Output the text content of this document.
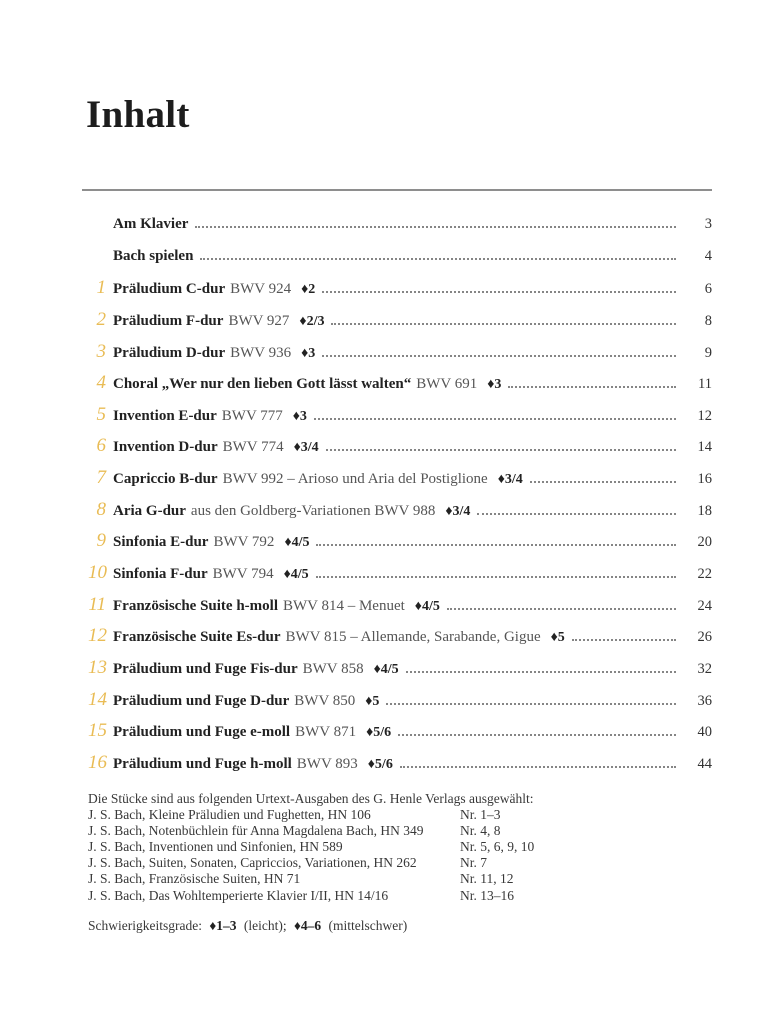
Inhalt
Am Klavier	3
Bach spielen	4
1 Präludium C-dur BWV 924 ♦2	6
2 Präludium F-dur BWV 927 ♦2/3	8
3 Präludium D-dur BWV 936 ♦3	9
4 Choral „Wer nur den lieben Gott lässt walten“ BWV 691 ♦3	11
5 Invention E-dur BWV 777 ♦3	12
6 Invention D-dur BWV 774 ♦3/4	14
7 Capriccio B-dur BWV 992 – Arioso und Aria del Postiglione ♦3/4	16
8 Aria G-dur aus den Goldberg-Variationen BWV 988 ♦3/4	18
9 Sinfonia E-dur BWV 792 ♦4/5	20
10 Sinfonia F-dur BWV 794 ♦4/5	22
11 Französische Suite h-moll BWV 814 – Menuet ♦4/5	24
12 Französische Suite Es-dur BWV 815 – Allemande, Sarabande, Gigue ♦5	26
13 Präludium und Fuge Fis-dur BWV 858 ♦4/5	32
14 Präludium und Fuge D-dur BWV 850 ♦5	36
15 Präludium und Fuge e-moll BWV 871 ♦5/6	40
16 Präludium und Fuge h-moll BWV 893 ♦5/6	44
Die Stücke sind aus folgenden Urtext-Ausgaben des G. Henle Verlags ausgewählt:
J. S. Bach, Kleine Präludien und Fughetten, HN 106	Nr. 1–3
J. S. Bach, Notenbüchlein für Anna Magdalena Bach, HN 349	Nr. 4, 8
J. S. Bach, Inventionen und Sinfonien, HN 589	Nr. 5, 6, 9, 10
J. S. Bach, Suiten, Sonaten, Capriccios, Variationen, HN 262	Nr. 7
J. S. Bach, Französische Suiten, HN 71	Nr. 11, 12
J. S. Bach, Das Wohltemperierte Klavier I/II, HN 14/16	Nr. 13–16
Schwierigkeitsgrade: ♦1–3 (leicht); ♦4–6 (mittelschwer)
